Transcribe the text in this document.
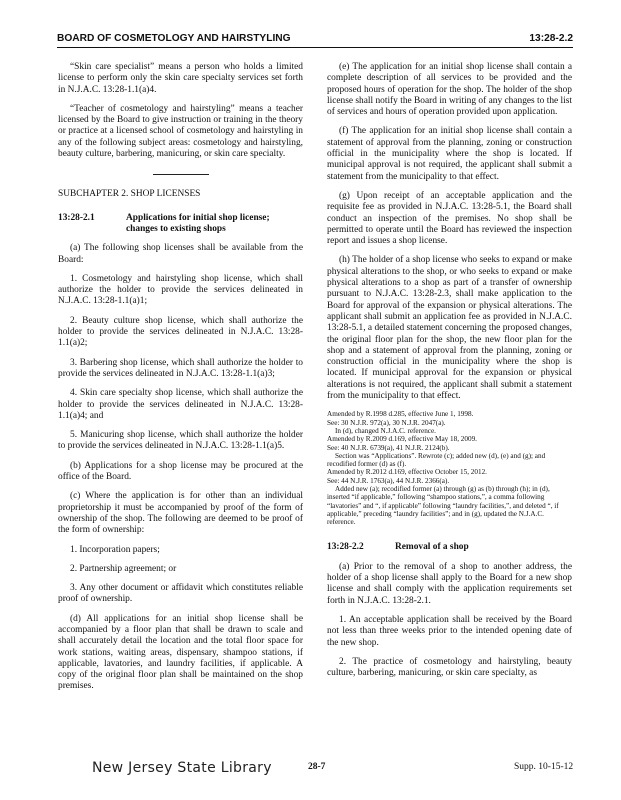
BOARD OF COSMETOLOGY AND HAIRSTYLING	13:28-2.2

“Skin care specialist” means a person who holds a limited license to perform only the skin care specialty services set forth in N.J.A.C. 13:28-1.1(a)4.

“Teacher of cosmetology and hairstyling” means a teacher licensed by the Board to give instruction or training in the theory or practice at a licensed school of cosmetology and hairstyling in any of the following subject areas: cosmetology and hairstyling, beauty culture, barbering, manicuring, or skin care specialty.

SUBCHAPTER 2. SHOP LICENSES

13:28-2.1	Applications for initial shop license; changes to existing shops

(a) The following shop licenses shall be available from the Board:

1. Cosmetology and hairstyling shop license, which shall authorize the holder to provide the services delineated in N.J.A.C. 13:28-1.1(a)1;

2. Beauty culture shop license, which shall authorize the holder to provide the services delineated in N.J.A.C. 13:28-1.1(a)2;

3. Barbering shop license, which shall authorize the holder to provide the services delineated in N.J.A.C. 13:28-1.1(a)3;

4. Skin care specialty shop license, which shall authorize the holder to provide the services delineated in N.J.A.C. 13:28-1.1(a)4; and

5. Manicuring shop license, which shall authorize the holder to provide the services delineated in N.J.A.C. 13:28-1.1(a)5.

(b) Applications for a shop license may be procured at the office of the Board.

(c) Where the application is for other than an individual proprietorship it must be accompanied by proof of the form of ownership of the shop. The following are deemed to be proof of the form of ownership:

1. Incorporation papers;

2. Partnership agreement; or

3. Any other document or affidavit which constitutes reliable proof of ownership.

(d) All applications for an initial shop license shall be accompanied by a floor plan that shall be drawn to scale and shall accurately detail the location and the total floor space for work stations, waiting areas, dispensary, shampoo stations, if applicable, lavatories, and laundry facilities, if applicable. A copy of the original floor plan shall be maintained on the shop premises.

(e) The application for an initial shop license shall contain a complete description of all services to be provided and the proposed hours of operation for the shop. The holder of the shop license shall notify the Board in writing of any changes to the list of services and hours of operation provided upon application.

(f) The application for an initial shop license shall contain a statement of approval from the planning, zoning or construction official in the municipality where the shop is located. If municipal approval is not required, the applicant shall submit a statement from the municipality to that effect.

(g) Upon receipt of an acceptable application and the requisite fee as provided in N.J.A.C. 13:28-5.1, the Board shall conduct an inspection of the premises. No shop shall be permitted to operate until the Board has reviewed the inspection report and issues a shop license.

(h) The holder of a shop license who seeks to expand or make physical alterations to the shop, or who seeks to expand or make physical alterations to a shop as part of a transfer of ownership pursuant to N.J.A.C. 13:28-2.3, shall make application to the Board for approval of the expansion or physical alterations. The applicant shall submit an application fee as provided in N.J.A.C. 13:28-5.1, a detailed statement concerning the proposed changes, the original floor plan for the shop, the new floor plan for the shop and a statement of approval from the planning, zoning or construction official in the municipality where the shop is located. If municipal approval for the expansion or physical alterations is not required, the applicant shall submit a statement from the municipality to that effect.

Amended by R.1998 d.285, effective June 1, 1998.

See: 30 N.J.R. 972(a), 30 N.J.R. 2047(a).

In (d), changed N.J.A.C. reference.

Amended by R.2009 d.169, effective May 18, 2009.

See: 40 N.J.R. 6739(a), 41 N.J.R. 2124(b).

Section was “Applications”. Rewrote (c); added new (d), (e) and (g); and recodified former (d) as (f).

Amended by R.2012 d.169, effective October 15, 2012.

See: 44 N.J.R. 1763(a), 44 N.J.R. 2366(a).

Added new (a); recodified former (a) through (g) as (b) through (h); in (d), inserted “if applicable,” following “shampoo stations,”, a comma following “lavatories” and “, if applicable” following “laundry facilities,”, and deleted “, if applicable,” preceding “laundry facilities”; and in (g), updated the N.J.A.C. reference.

13:28-2.2	Removal of a shop

(a) Prior to the removal of a shop to another address, the holder of a shop license shall apply to the Board for a new shop license and shall comply with the application requirements set forth in N.J.A.C. 13:28-2.1.

1. An acceptable application shall be received by the Board not less than three weeks prior to the intended opening date of the new shop.

2. The practice of cosmetology and hairstyling, beauty culture, barbering, manicuring, or skin care specialty, as

New Jersey State Library	28-7	Supp. 10-15-12
